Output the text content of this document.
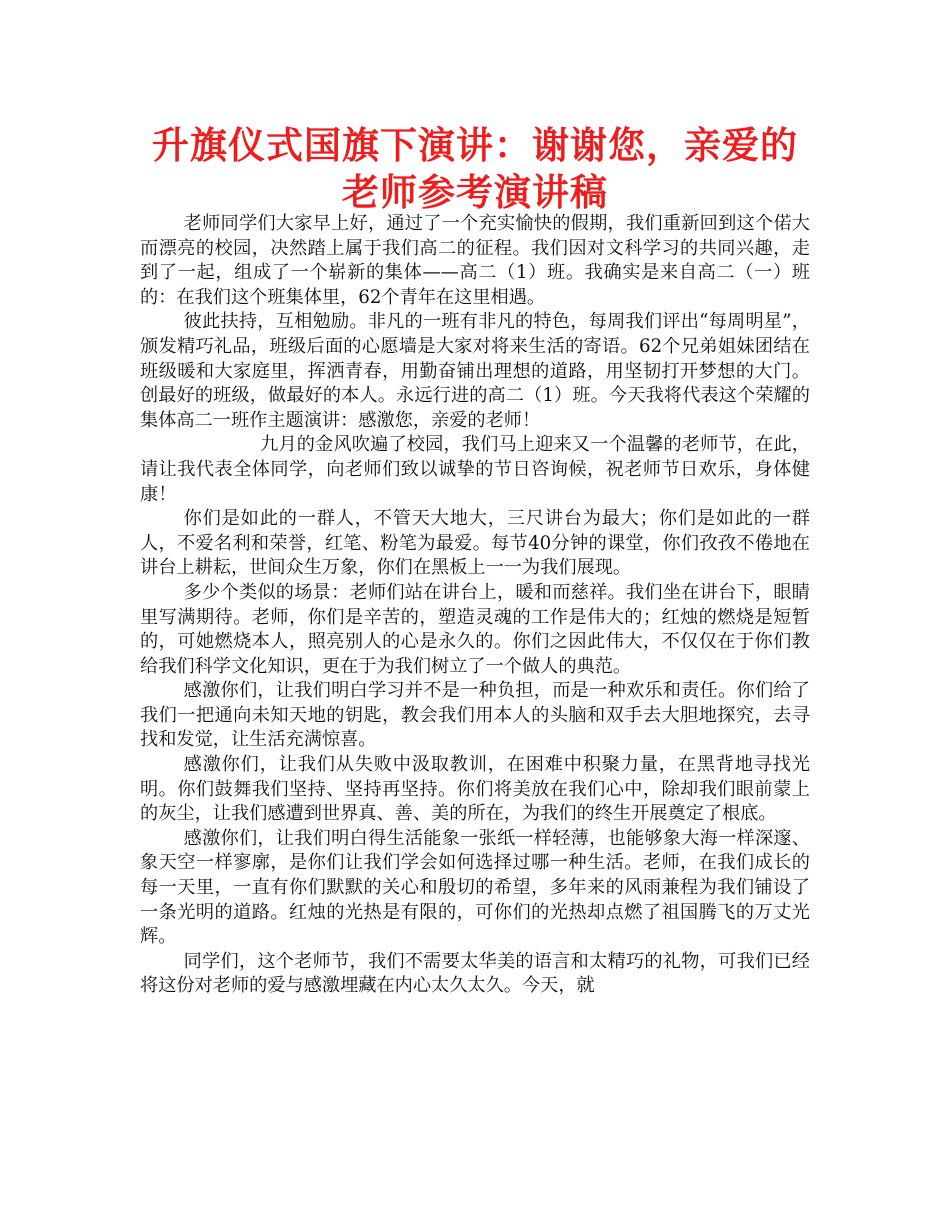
升旗仪式国旗下演讲：谢谢您，亲爱的老师参考演讲稿

老师同学们大家早上好，通过了一个充实愉快的假期，我们重新回到这个偌大而漂亮的校园，决然踏上属于我们高二的征程。我们因对文科学习的共同兴趣，走到了一起，组成了一个崭新的集体——高二（1）班。我确实是来自高二（一）班的：在我们这个班集体里，62个青年在这里相遇。

彼此扶持，互相勉励。非凡的一班有非凡的特色，每周我们评出“每周明星”，颁发精巧礼品，班级后面的心愿墙是大家对将来生活的寄语。62个兄弟姐妹团结在班级暖和大家庭里，挥洒青春，用勤奋铺出理想的道路，用坚韧打开梦想的大门。创最好的班级，做最好的本人。永远行进的高二（1）班。今天我将代表这个荣耀的集体高二一班作主题演讲：感激您，亲爱的老师！

九月的金风吹遍了校园，我们马上迎来又一个温馨的老师节，在此，请让我代表全体同学，向老师们致以诚挚的节日咨询候，祝老师节日欢乐，身体健康！

你们是如此的一群人，不管天大地大，三尺讲台为最大；你们是如此的一群人，不爱名利和荣誉，红笔、粉笔为最爱。每节40分钟的课堂，你们孜孜不倦地在讲台上耕耘，世间众生万象，你们在黑板上一一为我们展现。

多少个类似的场景：老师们站在讲台上，暖和而慈祥。我们坐在讲台下，眼睛里写满期待。老师，你们是辛苦的，塑造灵魂的工作是伟大的；红烛的燃烧是短暂的，可她燃烧本人，照亮别人的心是永久的。你们之因此伟大，不仅仅在于你们教给我们科学文化知识，更在于为我们树立了一个做人的典范。

感激你们，让我们明白学习并不是一种负担，而是一种欢乐和责任。你们给了我们一把通向未知天地的钥匙，教会我们用本人的头脑和双手去大胆地探究，去寻找和发觉，让生活充满惊喜。

感激你们，让我们从失败中汲取教训，在困难中积聚力量，在黑背地寻找光明。你们鼓舞我们坚持、坚持再坚持。你们将美放在我们心中，除却我们眼前蒙上的灰尘，让我们感遭到世界真、善、美的所在，为我们的终生开展奠定了根底。

感激你们，让我们明白得生活能象一张纸一样轻薄，也能够象大海一样深邃、象天空一样寥廓，是你们让我们学会如何选择过哪一种生活。老师，在我们成长的每一天里，一直有你们默默的关心和殷切的希望，多年来的风雨兼程为我们铺设了一条光明的道路。红烛的光热是有限的，可你们的光热却点燃了祖国腾飞的万丈光辉。

同学们，这个老师节，我们不需要太华美的语言和太精巧的礼物，可我们已经将这份对老师的爱与感激埋藏在内心太久太久。今天，就
